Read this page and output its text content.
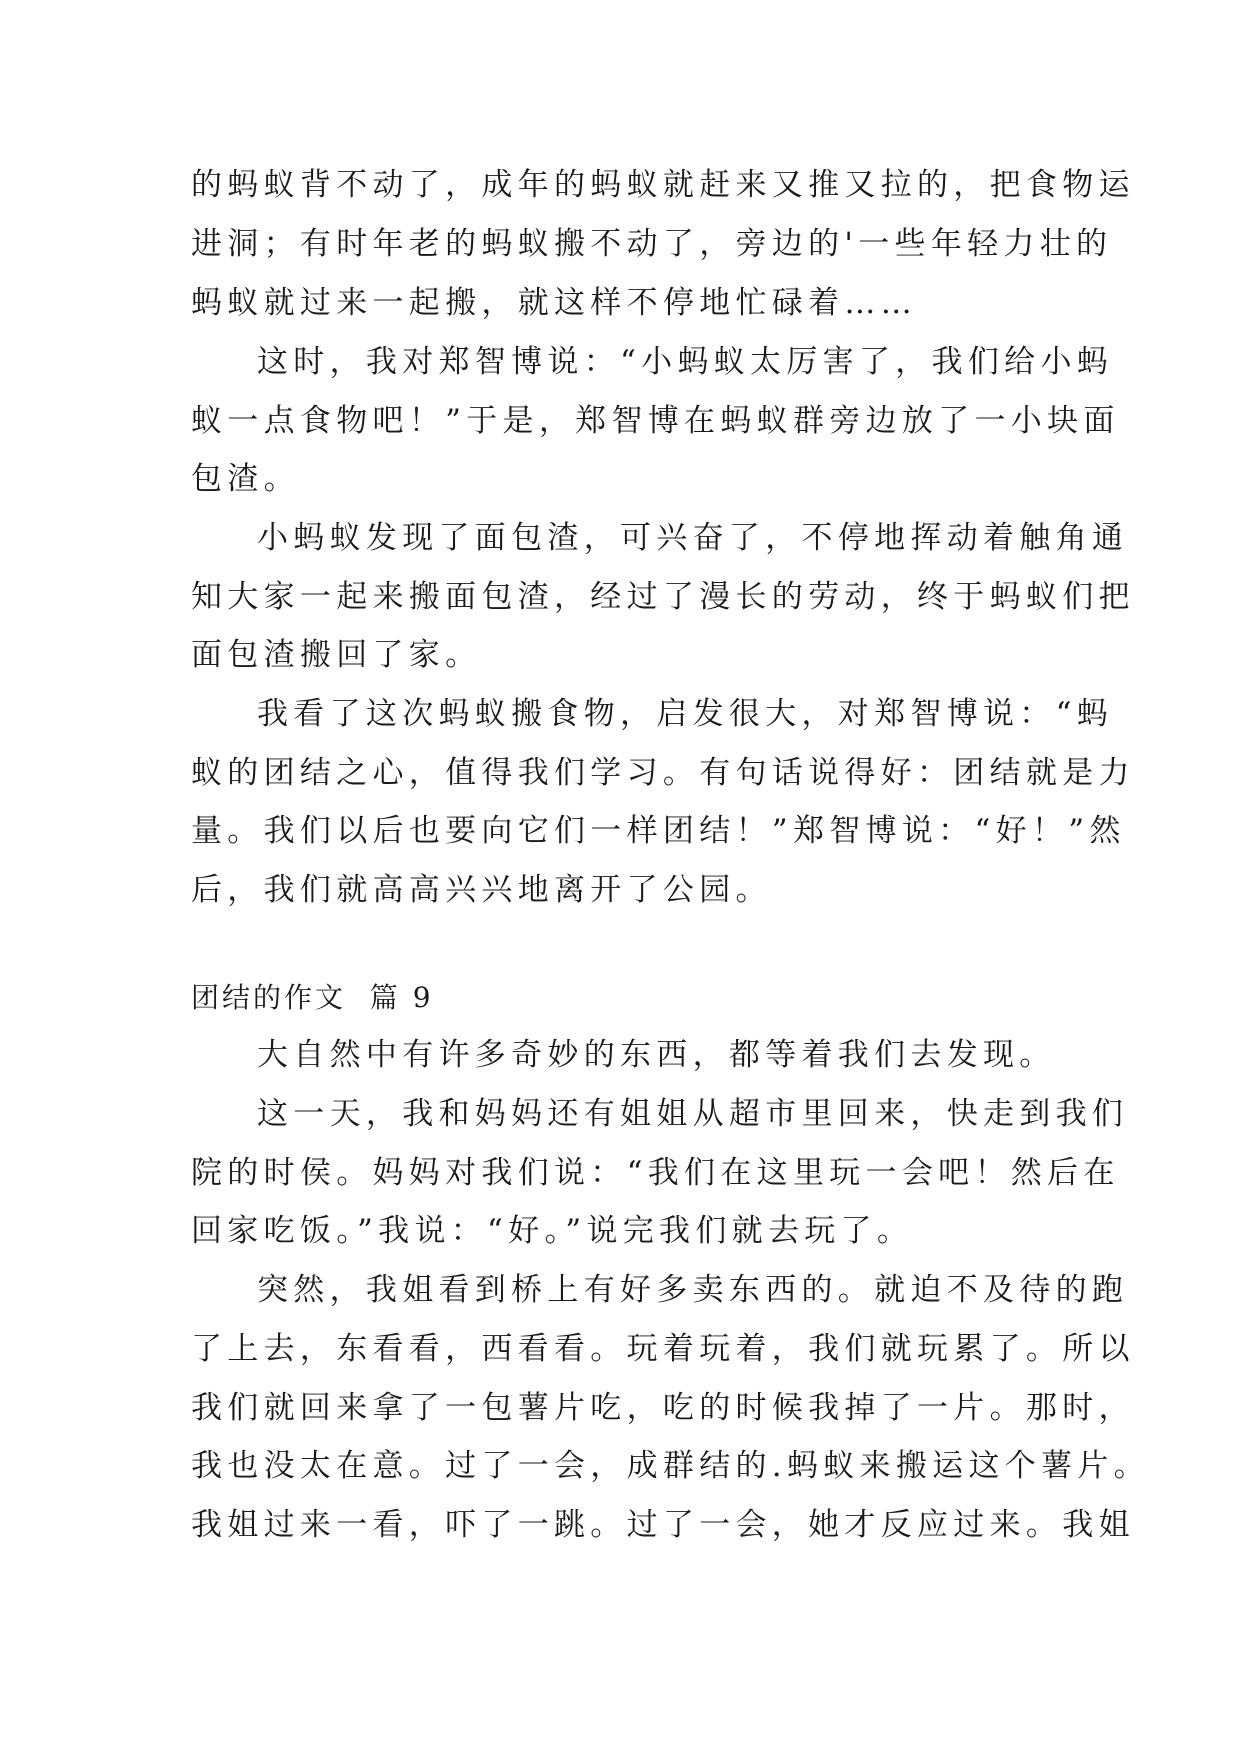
的蚂蚁背不动了，成年的蚂蚁就赶来又推又拉的，把食物运
进洞；有时年老的蚂蚁搬不动了，旁边的'一些年轻力壮的
蚂蚁就过来一起搬，就这样不停地忙碌着……
这时，我对郑智博说：“小蚂蚁太厉害了，我们给小蚂
蚁一点食物吧！”于是，郑智博在蚂蚁群旁边放了一小块面
包渣。
小蚂蚁发现了面包渣，可兴奋了，不停地挥动着触角通
知大家一起来搬面包渣，经过了漫长的劳动，终于蚂蚁们把
面包渣搬回了家。
我看了这次蚂蚁搬食物，启发很大，对郑智博说：“蚂
蚁的团结之心，值得我们学习。有句话说得好：团结就是力
量。我们以后也要向它们一样团结！”郑智博说：“好！”然
后，我们就高高兴兴地离开了公园。
团结的作文  篇 9
大自然中有许多奇妙的东西，都等着我们去发现。
这一天，我和妈妈还有姐姐从超市里回来，快走到我们
院的时侯。妈妈对我们说：“我们在这里玩一会吧！然后在
回家吃饭。”我说：“好。”说完我们就去玩了。
突然，我姐看到桥上有好多卖东西的。就迫不及待的跑
了上去，东看看，西看看。玩着玩着，我们就玩累了。所以
我们就回来拿了一包薯片吃，吃的时候我掉了一片。那时，
我也没太在意。过了一会，成群结的.蚂蚁来搬运这个薯片。
我姐过来一看，吓了一跳。过了一会，她才反应过来。我姐
